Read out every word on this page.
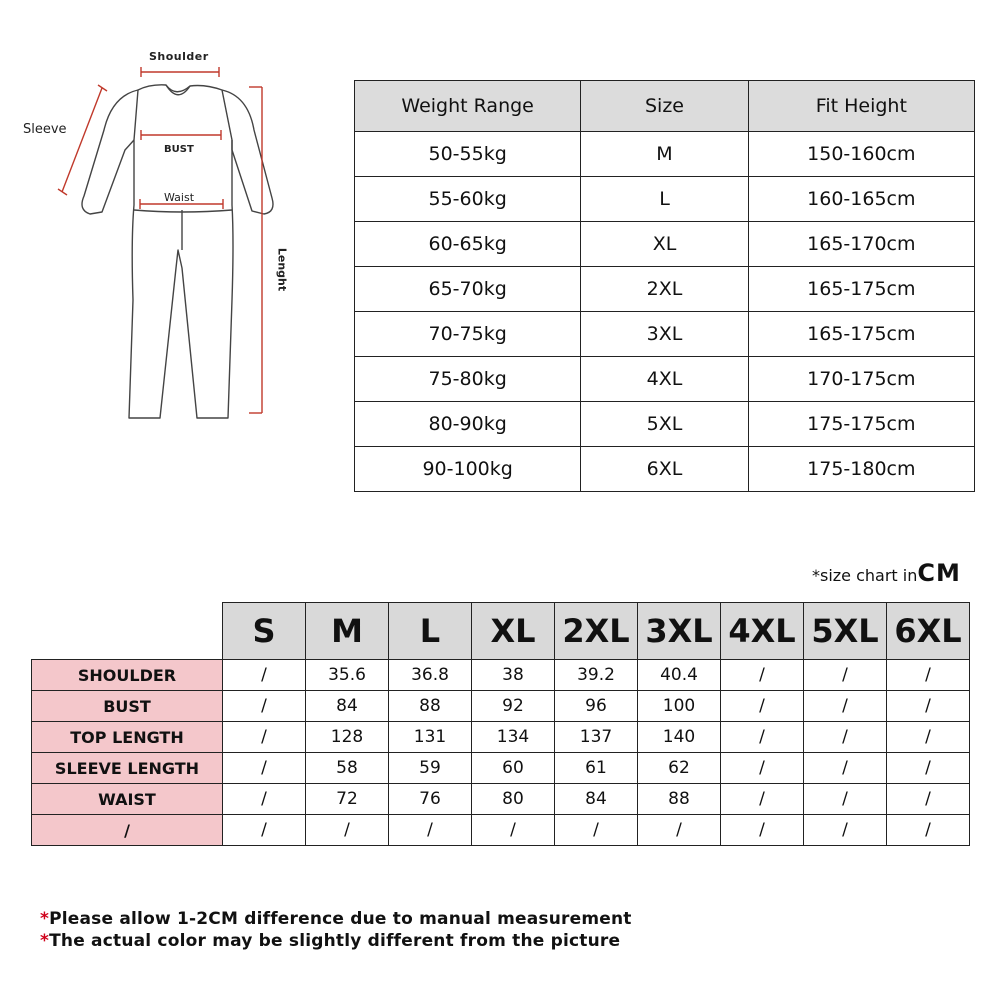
Shoulder
Sleeve
BUST
Waist
Lenght
Weight Range	Size	Fit Height
50-55kg	M	150-160cm
55-60kg	L	160-165cm
60-65kg	XL	165-170cm
65-70kg	2XL	165-175cm
70-75kg	3XL	165-175cm
75-80kg	4XL	170-175cm
80-90kg	5XL	175-175cm
90-100kg	6XL	175-180cm
*size chart inCM
	S	M	L	XL	2XL	3XL	4XL	5XL	6XL
SHOULDER	/	35.6	36.8	38	39.2	40.4	/	/	/
BUST	/	84	88	92	96	100	/	/	/
TOP LENGTH	/	128	131	134	137	140	/	/	/
SLEEVE LENGTH	/	58	59	60	61	62	/	/	/
WAIST	/	72	76	80	84	88	/	/	/
/	/	/	/	/	/	/	/	/	/
*Please allow 1-2CM difference due to manual measurement
*The actual color may be slightly different from the picture
